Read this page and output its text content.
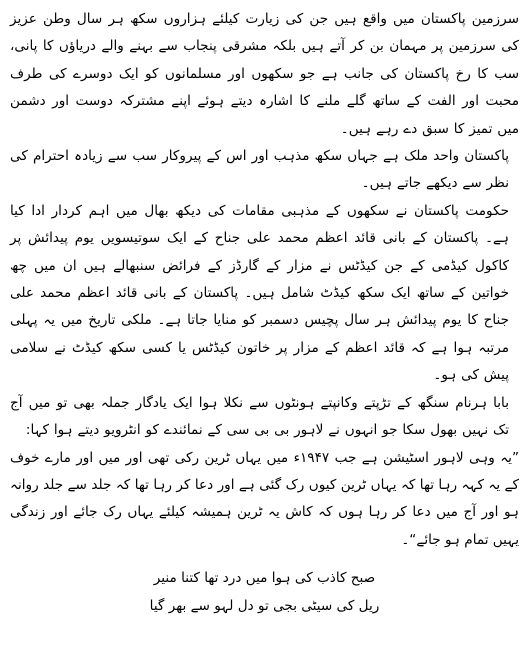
سرزمین پاکستان میں واقع ہیں جن کی زیارت کیلئے ہزاروں سکھ ہر سال وطن عزیز کی سرزمین پر مہمان بن کر آتے ہیں بلکہ مشرقی پنجاب سے بہنے والے دریاؤں کا پانی، سب کا رخ پاکستان کی جانب ہے جو سکھوں اور مسلمانوں کو ایک دوسرے کی طرف محبت اور الفت کے ساتھ گلے ملنے کا اشارہ دیتے ہوئے اپنے مشترکہ دوست اور دشمن میں تمیز کا سبق دے رہے ہیں۔

پاکستان واحد ملک ہے جہاں سکھ مذہب اور اس کے پیروکار سب سے زیادہ احترام کی نظر سے دیکھے جاتے ہیں۔

حکومت پاکستان نے سکھوں کے مذہبی مقامات کی دیکھ بھال میں اہم کردار ادا کیا ہے۔ پاکستان کے بانی قائد اعظم محمد علی جناح کے ایک سوتیسویں یوم پیدائش پر کاکول کیڈمی کے جن کیڈٹس نے مزار کے گارڈز کے فرائض سنبھالے ہیں ان میں چھ خواتین کے ساتھ ایک سکھ کیڈٹ شامل ہیں۔ پاکستان کے بانی قائد اعظم محمد علی جناح کا یوم پیدائش ہر سال پچیس دسمبر کو منایا جاتا ہے۔ ملکی تاریخ میں یہ پہلی مرتبہ ہوا ہے کہ قائد اعظم کے مزار پر خاتون کیڈٹس یا کسی سکھ کیڈٹ نے سلامی پیش کی ہو۔

بابا ہرنام سنگھ کے تڑپتے وکانپتے ہونٹوں سے نکلا ہوا ایک یادگار جملہ بھی تو میں آج تک نہیں بھول سکا جو انہوں نے لاہور بی بی سی کے نمائندے کو انٹرویو دیتے ہوا کہا:

”یہ وہی لاہور اسٹیشن ہے جب ۱۹۴۷ء میں یہاں ٹرین رکی تھی اور میں اور مارے خوف کے یہ کہہ رہا تھا کہ یہاں ٹرین کیوں رک گئی ہے اور دعا کر رہا تھا کہ جلد سے جلد روانہ ہو اور آج میں دعا کر رہا ہوں کہ کاش یہ ٹرین ہمیشہ کیلئے یہاں رک جائے اور زندگی یہیں تمام ہو جائے“۔

صبح کاذب کی ہوا میں درد تھا کتنا منیر
ریل کی سیٹی بجی تو دل لہو سے بھر گیا
